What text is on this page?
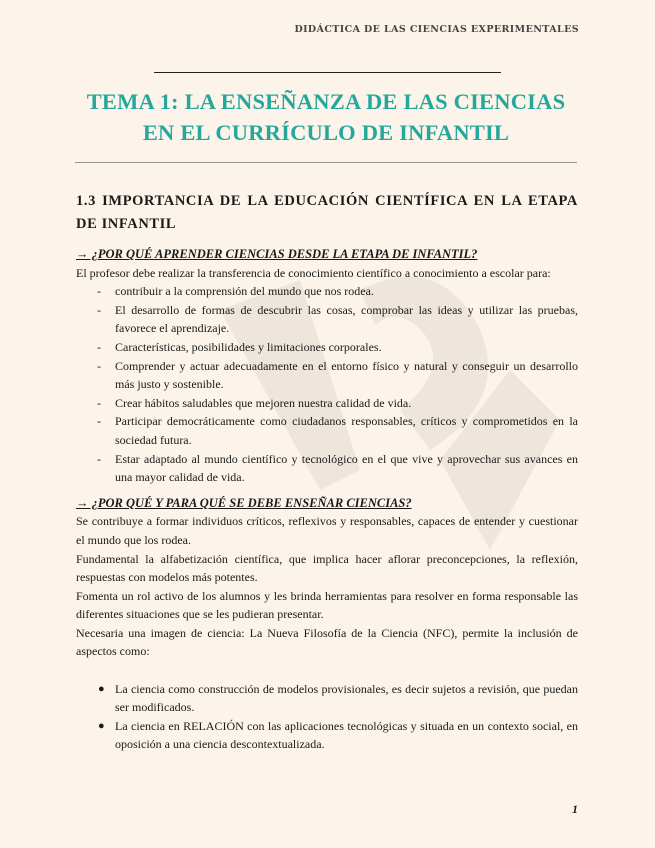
DIDÁCTICA DE LAS CIENCIAS EXPERIMENTALES
TEMA 1: LA ENSEÑANZA DE LAS CIENCIAS
EN EL CURRÍCULO DE INFANTIL
1.3 IMPORTANCIA DE LA EDUCACIÓN CIENTÍFICA EN LA ETAPA DE INFANTIL
→ ¿POR QUÉ APRENDER CIENCIAS DESDE LA ETAPA DE INFANTIL?

El profesor debe realizar la transferencia de conocimiento científico a conocimiento a escolar para:

- contribuir a la comprensión del mundo que nos rodea.
- El desarrollo de formas de descubrir las cosas, comprobar las ideas y utilizar las pruebas, favorece el aprendizaje.
- Características, posibilidades y limitaciones corporales.
- Comprender y actuar adecuadamente en el entorno físico y natural y conseguir un desarrollo más justo y sostenible.
- Crear hábitos saludables que mejoren nuestra calidad de vida.
- Participar democráticamente como ciudadanos responsables, críticos y comprometidos en la sociedad futura.
- Estar adaptado al mundo científico y tecnológico en el que vive y aprovechar sus avances en una mayor calidad de vida.
→ ¿POR QUÉ Y PARA QUÉ SE DEBE ENSEÑAR CIENCIAS?

Se contribuye a formar individuos críticos, reflexivos y responsables, capaces de entender y cuestionar el mundo que los rodea.

Fundamental la alfabetización científica, que implica hacer aflorar preconcepciones, la reflexión, respuestas con modelos más potentes.

Fomenta un rol activo de los alumnos y les brinda herramientas para resolver en forma responsable las diferentes situaciones que se les pudieran presentar.

Necesaria una imagen de ciencia: La Nueva Filosofía de la Ciencia (NFC), permite la inclusión de aspectos como:

● La ciencia como construcción de modelos provisionales, es decir sujetos a revisión, que puedan ser modificados.
● La ciencia en RELACIÓN con las aplicaciones tecnológicas y situada en un contexto social, en oposición a una ciencia descontextualizada.
1
